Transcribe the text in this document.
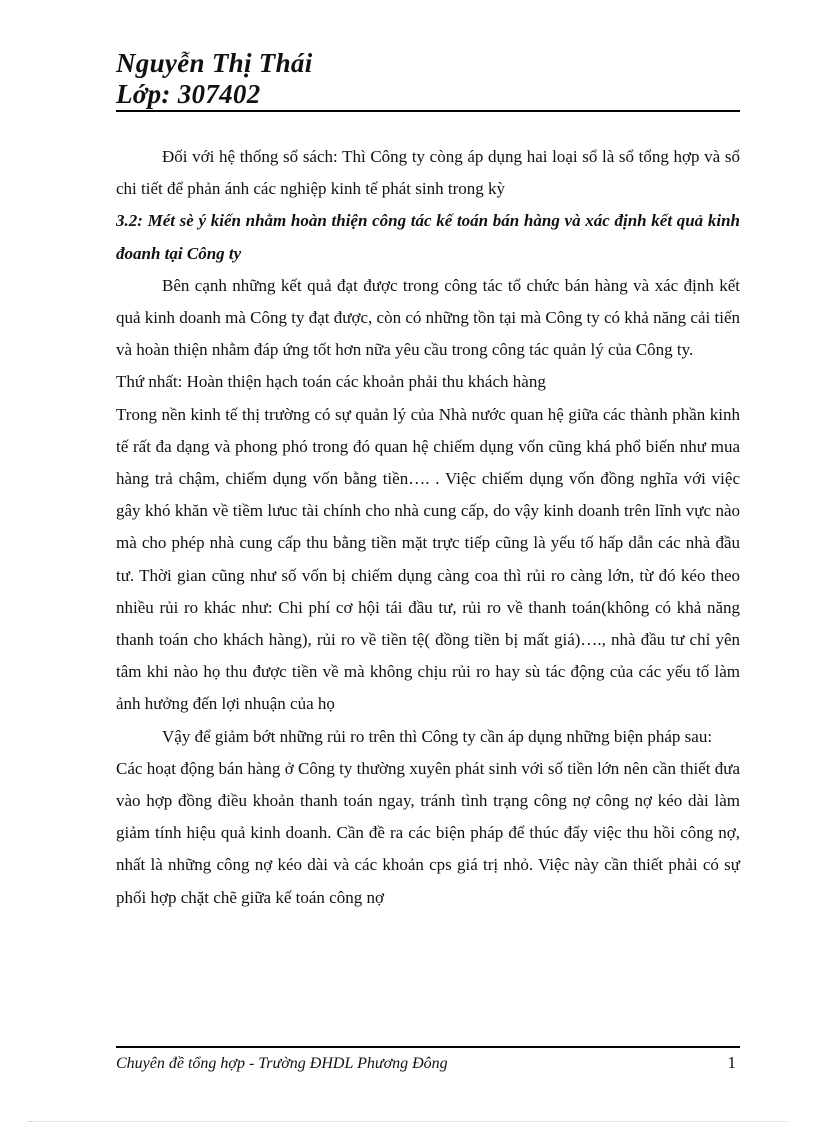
Nguyễn Thị Thái
Lớp: 307402

Đối với hệ thống sổ sách: Thì Công ty còng áp dụng hai loại sổ là sổ tổng hợp và sổ chi tiết để phản ánh các nghiệp kinh tế phát sinh trong kỳ

3.2: Mét sè ý kiến nhằm hoàn thiện công tác kế toán bán hàng và xác định kết quả kinh đoanh tại Công ty

Bên cạnh những kết quả đạt được trong công tác tổ chức bán hàng và xác định kết quả kinh doanh mà Công ty đạt được, còn có những tồn tại mà Công ty có khả năng cải tiến và hoàn thiện nhằm đáp ứng tốt hơn nữa yêu cầu trong công tác quản lý của Công ty.

Thứ nhất: Hoàn thiện hạch toán các khoản phải thu khách hàng

Trong nền kinh tế thị trường có sự quản lý của Nhà nước quan hệ giữa các thành phần kinh tế rất đa dạng và phong phó trong đó quan hệ chiếm dụng vốn cũng khá phổ biến như mua hàng trả chậm, chiếm dụng vốn bằng tiền…. . Việc chiếm dụng vốn đồng nghĩa với việc gây khó khăn về tiềm lưuc tài chính cho nhà cung cấp, do vậy kinh doanh trên lĩnh vực nào mà cho phép nhà cung cấp thu bằng tiền mặt trực tiếp cũng là yếu tố hấp dẫn các nhà đầu tư. Thời gian cũng như số vốn bị chiếm dụng càng coa thì rủi ro càng lớn, từ đó kéo theo nhiều rủi ro khác như: Chi phí cơ hội tái đầu tư, rủi ro về thanh toán(không có khả năng thanh toán cho khách hàng), rủi ro về tiền tệ( đồng tiền bị mất giá)…., nhà đầu tư chỉ yên tâm khi nào họ thu được tiền về mà không chịu rủi ro hay sù tác động của các yếu tố làm ảnh hưởng đến lợi nhuận của họ

Vậy để giảm bớt những rủi ro trên thì Công ty cần áp dụng những biện pháp sau:

Các hoạt động bán hàng ở Công ty thường xuyên phát sinh với số tiền lớn nên cần thiết đưa vào hợp đồng điều khoản thanh toán ngay, tránh tình trạng công nợ công nợ kéo dài làm giảm tính hiệu quả kinh doanh. Cần đề ra các biện pháp để thúc đẩy việc thu hồi công nợ, nhất là những công nợ kéo dài và các khoản cps giá trị nhỏ. Việc này cần thiết phải có sự phối hợp chặt chẽ giữa kế toán công nợ

Chuyên đề tổng hợp - Trường ĐHDL Phương Đông	1
